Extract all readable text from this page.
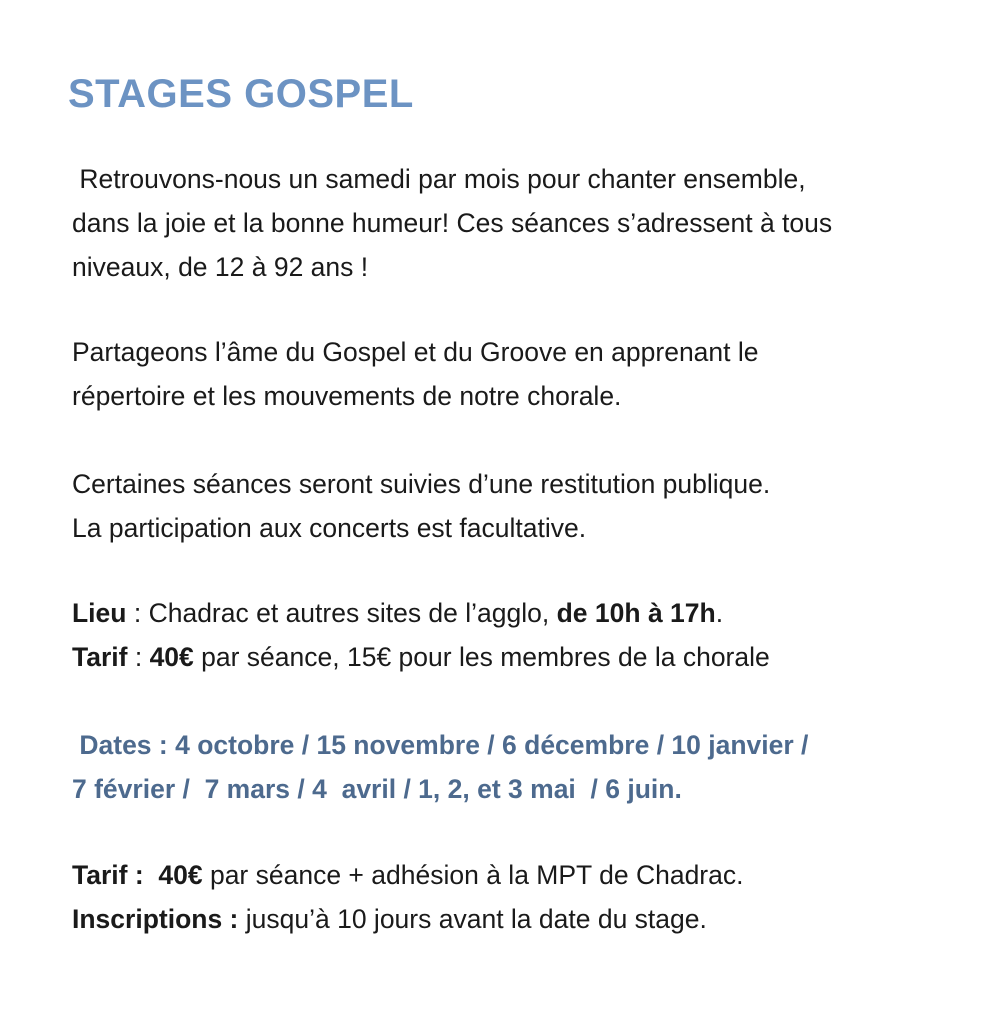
STAGES GOSPEL
Retrouvons-nous un samedi par mois pour chanter ensemble,
dans la joie et la bonne humeur! Ces séances s’adressent à tous
niveaux, de 12 à 92 ans !
Partageons l’âme du Gospel et du Groove en apprenant le
répertoire et les mouvements de notre chorale.
Certaines séances seront suivies d’une restitution publique.
La participation aux concerts est facultative.
Lieu : Chadrac et autres sites de l’agglo, de 10h à 17h.
Tarif : 40€ par séance, 15€ pour les membres de la chorale
Dates : 4 octobre / 15 novembre / 6 décembre / 10 janvier /
7 février /  7 mars / 4  avril / 1, 2, et 3 mai  / 6 juin.
Tarif :  40€ par séance + adhésion à la MPT de Chadrac.
Inscriptions : jusqu’à 10 jours avant la date du stage.
